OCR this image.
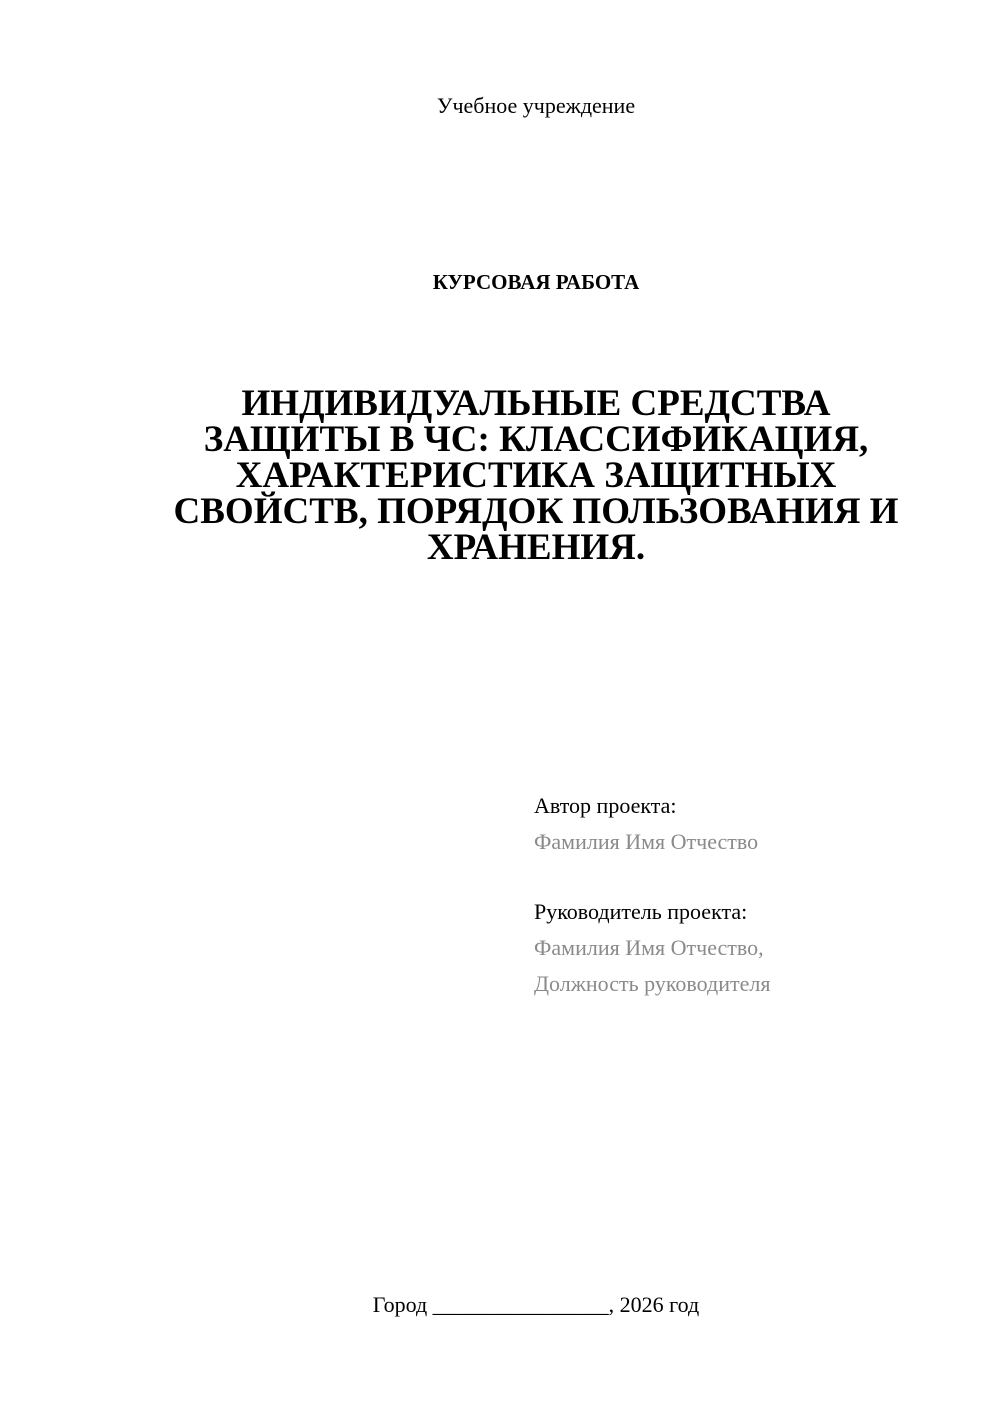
Учебное учреждение
КУРСОВАЯ РАБОТА
ИНДИВИДУАЛЬНЫЕ СРЕДСТВА
ЗАЩИТЫ В ЧС: КЛАССИФИКАЦИЯ,
ХАРАКТЕРИСТИКА ЗАЩИТНЫХ
СВОЙСТВ, ПОРЯДОК ПОЛЬЗОВАНИЯ И
ХРАНЕНИЯ.
Автор проекта:
Фамилия Имя Отчество
Руководитель проекта:
Фамилия Имя Отчество,
Должность руководителя
Город ________________, 2026 год
